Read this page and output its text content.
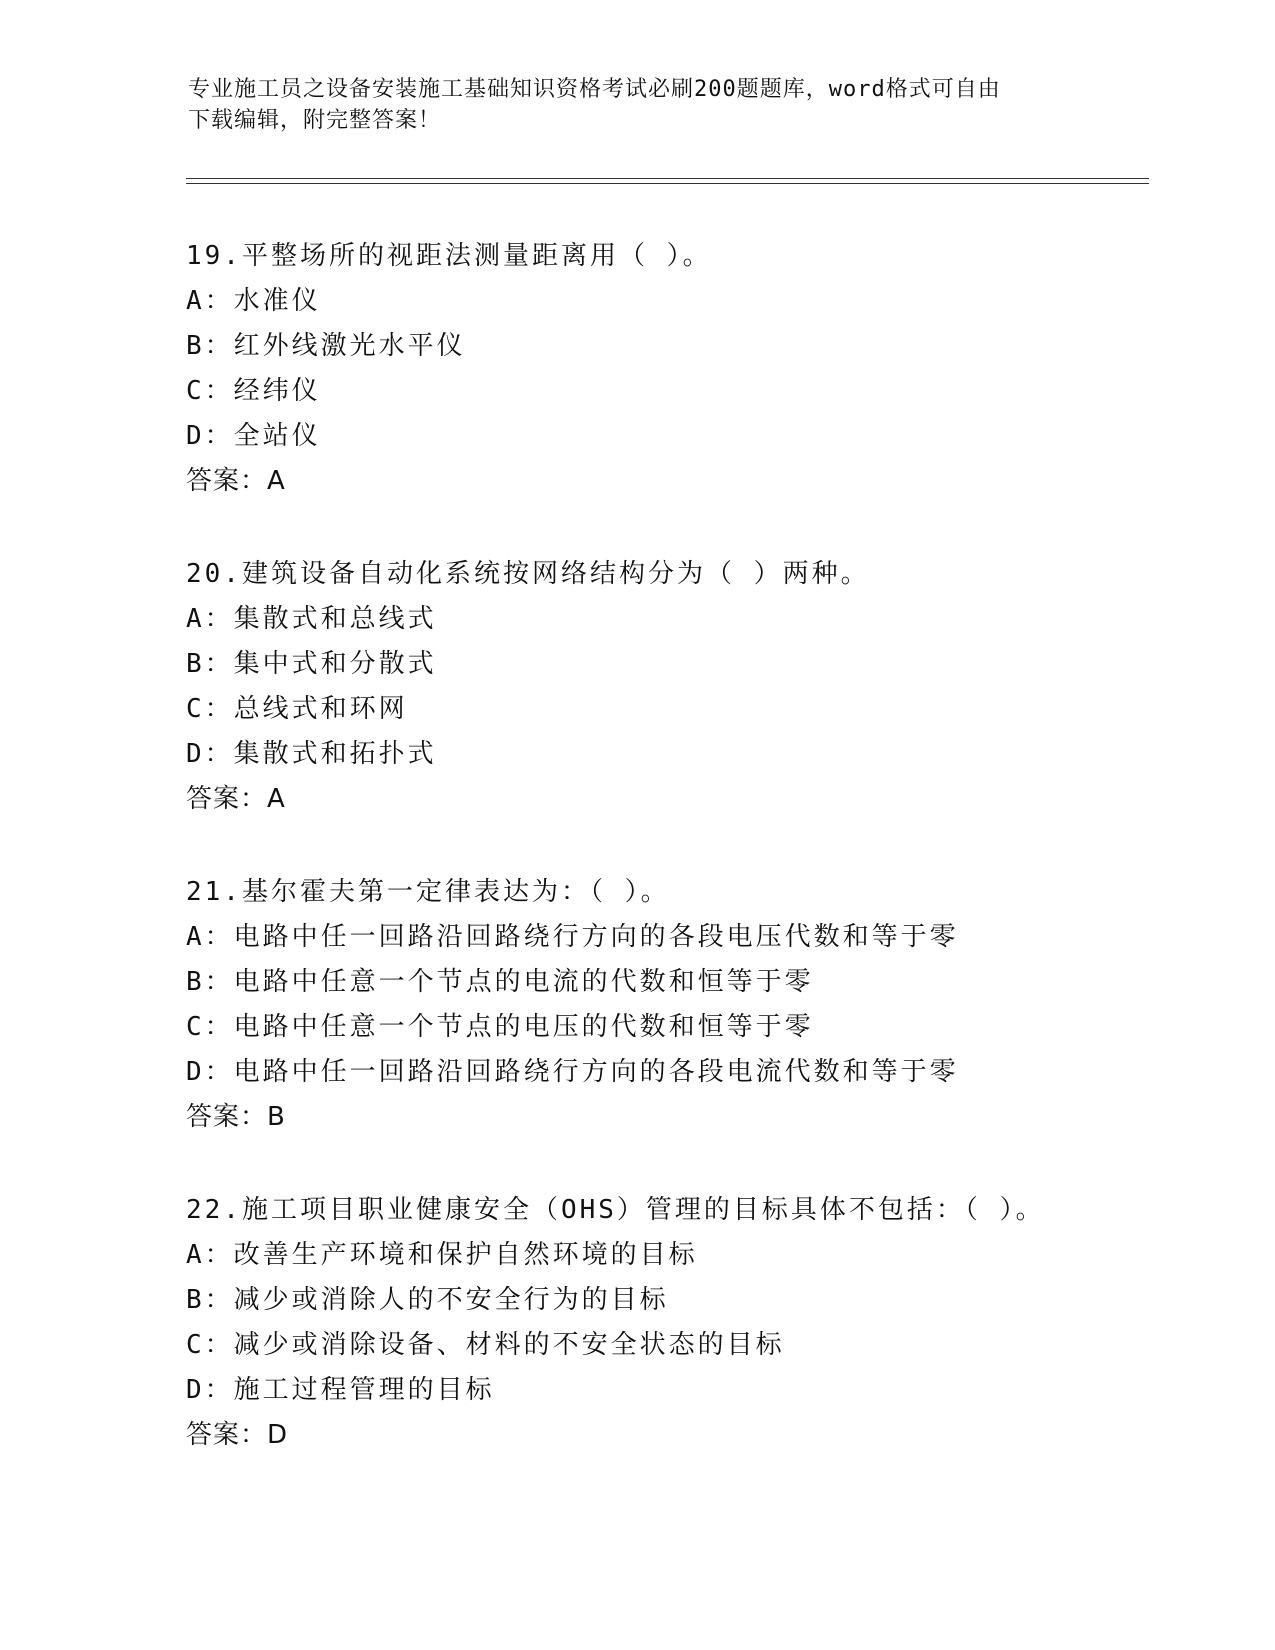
专业施工员之设备安装施工基础知识资格考试必刷200题题库，word格式可自由
下载编辑，附完整答案！
19.平整场所的视距法测量距离用（ ）。
A：水准仪
B：红外线激光水平仪
C：经纬仪
D：全站仪
答案：A
20.建筑设备自动化系统按网络结构分为（ ）两种。
A：集散式和总线式
B：集中式和分散式
C：总线式和环网
D：集散式和拓扑式
答案：A
21.基尔霍夫第一定律表达为：（ ）。
A：电路中任一回路沿回路绕行方向的各段电压代数和等于零
B：电路中任意一个节点的电流的代数和恒等于零
C：电路中任意一个节点的电压的代数和恒等于零
D：电路中任一回路沿回路绕行方向的各段电流代数和等于零
答案：B
22.施工项目职业健康安全（OHS）管理的目标具体不包括：（ ）。
A：改善生产环境和保护自然环境的目标
B：减少或消除人的不安全行为的目标
C：减少或消除设备、材料的不安全状态的目标
D：施工过程管理的目标
答案：D
